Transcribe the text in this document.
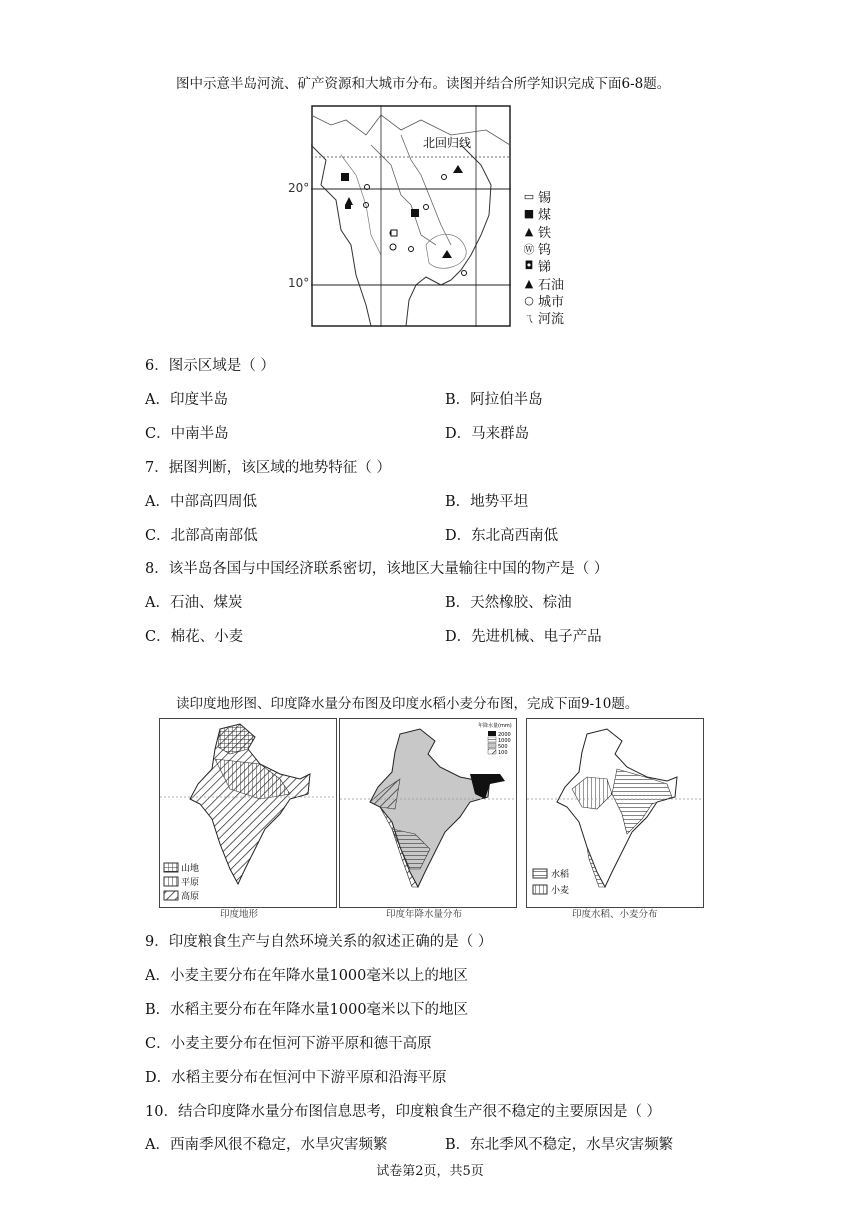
图中示意半岛河流、矿产资源和大城市分布。读图并结合所学知识完成下面6-8题。
北回归线
20°
10°
▭ 锡
■ 煤
▲ 铁
Ⓦ 钨
◘ 锑
▲ 石油
○ 城市
ㄟ 河流
6．图示区域是（ ）
A．印度半岛	B．阿拉伯半岛
C．中南半岛	D．马来群岛
7．据图判断，该区域的地势特征（ ）
A．中部高四周低	B．地势平坦
C．北部高南部低	D．东北高西南低
8．该半岛各国与中国经济联系密切，该地区大量输往中国的物产是（ ）
A．石油、煤炭	B．天然橡胶、棕油
C．棉花、小麦	D．先进机械、电子产品
读印度地形图、印度降水量分布图及印度水稻小麦分布图，完成下面9-10题。
山地
平原
高原
印度地形
年降水量(mm)
2000
1000
500
100
印度年降水量分布
水稻
小麦
印度水稻、小麦分布
9．印度粮食生产与自然环境关系的叙述正确的是（ ）
A．小麦主要分布在年降水量1000毫米以上的地区
B．水稻主要分布在年降水量1000毫米以下的地区
C．小麦主要分布在恒河下游平原和德干高原
D．水稻主要分布在恒河中下游平原和沿海平原
10．结合印度降水量分布图信息思考，印度粮食生产很不稳定的主要原因是（ ）
A．西南季风很不稳定，水旱灾害频繁	B．东北季风不稳定，水旱灾害频繁
试卷第2页，共5页
